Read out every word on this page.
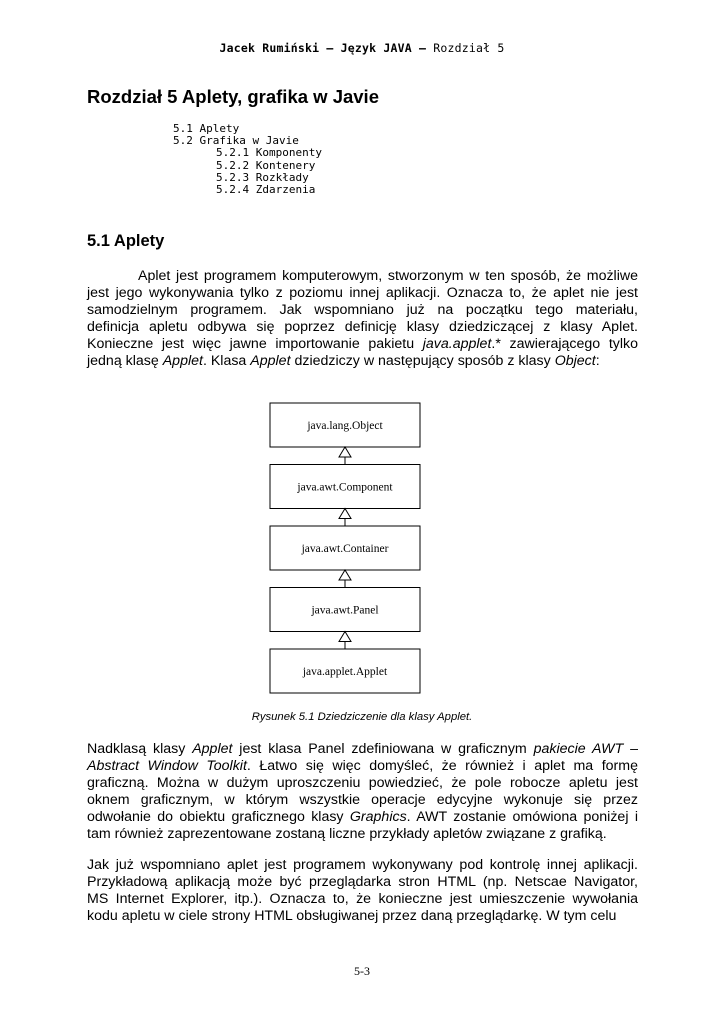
Jacek Rumiński – Język JAVA – Rozdział 5
Rozdział 5 Aplety, grafika w Javie
5.1 Aplety
5.2 Grafika w Javie
5.2.1 Komponenty
5.2.2 Kontenery
5.2.3 Rozkłady
5.2.4 Zdarzenia
5.1 Aplety
Aplet jest programem komputerowym, stworzonym w ten sposób, że możliwe
jest jego wykonywania tylko z poziomu innej aplikacji. Oznacza to, że aplet nie jest
samodzielnym programem. Jak wspomniano już na początku tego materiału,
definicja apletu odbywa się poprzez definicję klasy dziedziczącej z klasy Aplet.
Konieczne jest więc jawne importowanie pakietu java.applet.* zawierającego tylko
jedną klasę Applet. Klasa Applet dziedziczy w następujący sposób z klasy Object:
java.lang.Object
java.awt.Component
java.awt.Container
java.awt.Panel
java.applet.Applet
Rysunek 5.1 Dziedziczenie dla klasy Applet.
Nadklasą klasy Applet jest klasa Panel zdefiniowana w graficznym pakiecie AWT –
Abstract Window Toolkit. Łatwo się więc domyśleć, że również i aplet ma formę
graficzną. Można w dużym uproszczeniu powiedzieć, że pole robocze apletu jest
oknem graficznym, w którym wszystkie operacje edycyjne wykonuje się przez
odwołanie do obiektu graficznego klasy Graphics. AWT zostanie omówiona poniżej i
tam również zaprezentowane zostaną liczne przykłady apletów związane z grafiką.
Jak już wspomniano aplet jest programem wykonywany pod kontrolę innej aplikacji.
Przykładową aplikacją może być przeglądarka stron HTML (np. Netscae Navigator,
MS Internet Explorer, itp.). Oznacza to, że konieczne jest umieszczenie wywołania
kodu apletu w ciele strony HTML obsługiwanej przez daną przeglądarkę. W tym celu
5-3
